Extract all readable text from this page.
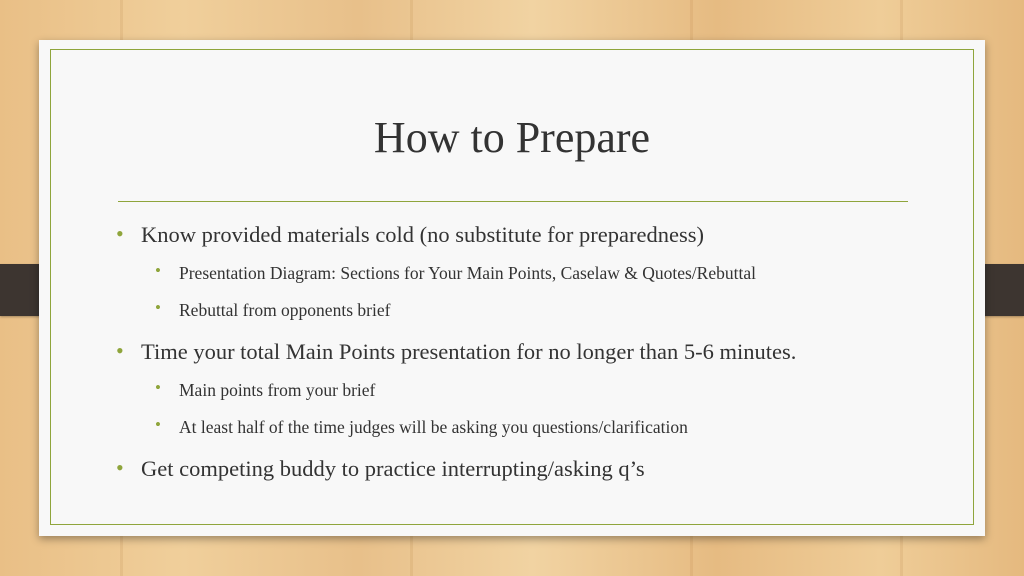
How to Prepare
• Know provided materials cold (no substitute for preparedness)
• Presentation Diagram: Sections for Your Main Points, Caselaw & Quotes/Rebuttal
• Rebuttal from opponents brief
• Time your total Main Points presentation for no longer than 5-6 minutes.
• Main points from your brief
• At least half of the time judges will be asking you questions/clarification
• Get competing buddy to practice interrupting/asking q’s
